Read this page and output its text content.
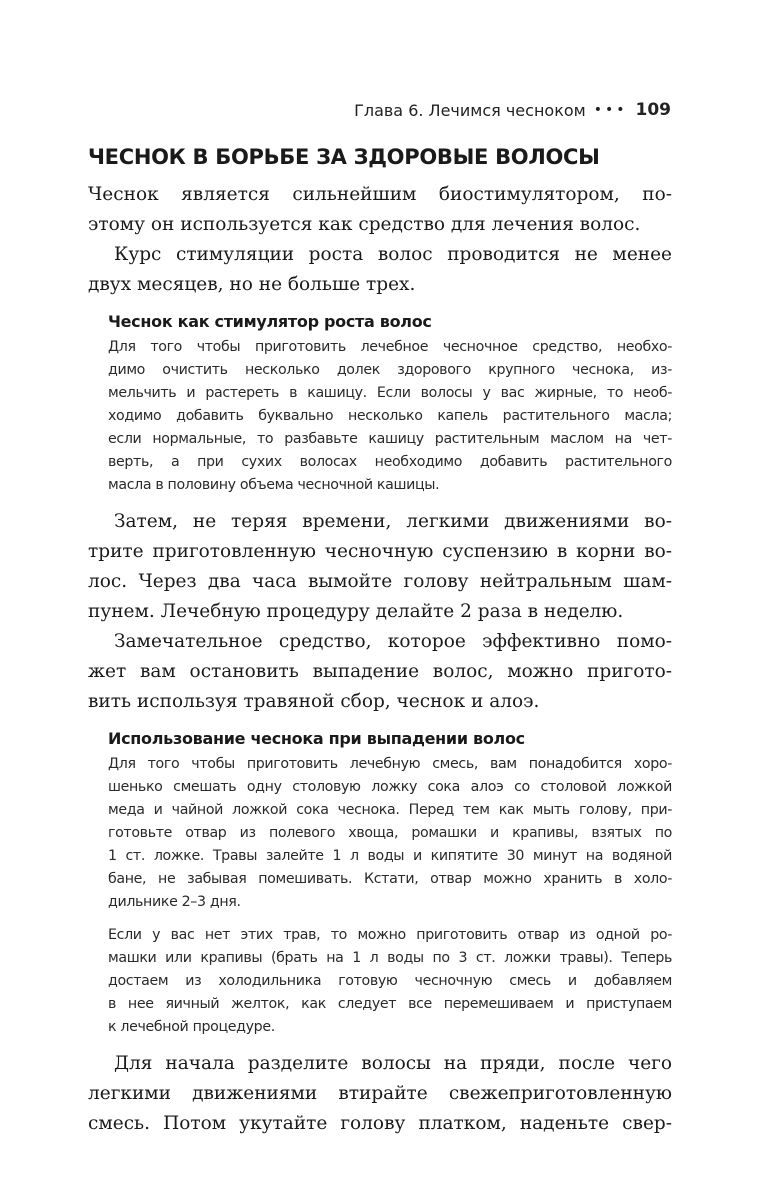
Глава 6. Лечимся чесноком ••• 109
ЧЕСНОК В БОРЬБЕ ЗА ЗДОРОВЫЕ ВОЛОСЫ
Чеснок является сильнейшим биостимулятором, по-
этому он используется как средство для лечения волос.
Курс стимуляции роста волос проводится не менее
двух месяцев, но не больше трех.
Чеснок как стимулятор роста волос
Для того чтобы приготовить лечебное чесночное средство, необхо-
димо очистить несколько долек здорового крупного чеснока, из-
мельчить и растереть в кашицу. Если волосы у вас жирные, то необ-
ходимо добавить буквально несколько капель растительного масла;
если нормальные, то разбавьте кашицу растительным маслом на чет-
верть, а при сухих волосах необходимо добавить растительного
масла в половину объема чесночной кашицы.
Затем, не теряя времени, легкими движениями во-
трите приготовленную чесночную суспензию в корни во-
лос. Через два часа вымойте голову нейтральным шам-
пунем. Лечебную процедуру делайте 2 раза в неделю.
Замечательное средство, которое эффективно помо-
жет вам остановить выпадение волос, можно пригото-
вить используя травяной сбор, чеснок и алоэ.
Использование чеснока при выпадении волос
Для того чтобы приготовить лечебную смесь, вам понадобится хоро-
шенько смешать одну столовую ложку сока алоэ со столовой ложкой
меда и чайной ложкой сока чеснока. Перед тем как мыть голову, при-
готовьте отвар из полевого хвоща, ромашки и крапивы, взятых по
1 ст. ложке. Травы залейте 1 л воды и кипятите 30 минут на водяной
бане, не забывая помешивать. Кстати, отвар можно хранить в холо-
дильнике 2–3 дня.
Если у вас нет этих трав, то можно приготовить отвар из одной ро-
машки или крапивы (брать на 1 л воды по 3 ст. ложки травы). Теперь
достаем из холодильника готовую чесночную смесь и добавляем
в нее яичный желток, как следует все перемешиваем и приступаем
к лечебной процедуре.
Для начала разделите волосы на пряди, после чего
легкими движениями втирайте свежеприготовленную
смесь. Потом укутайте голову платком, наденьте свер-
